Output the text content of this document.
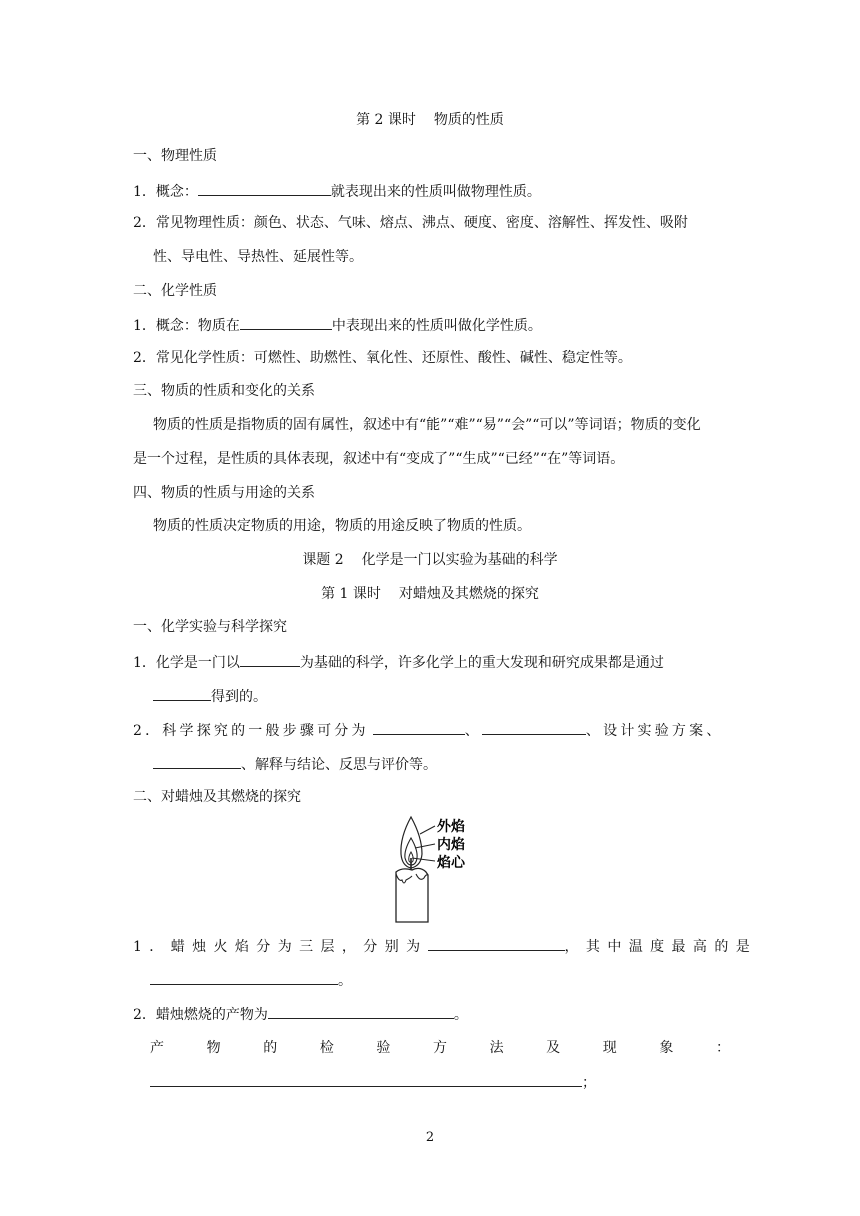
第 2 课时 物质的性质
一、物理性质
1．概念：	就表现出来的性质叫做物理性质。
2．常见物理性质：颜色、状态、气味、熔点、沸点、硬度、密度、溶解性、挥发性、吸附
性、导电性、导热性、延展性等。
二、化学性质
1．概念：物质在	中表现出来的性质叫做化学性质。
2．常见化学性质：可燃性、助燃性、氧化性、还原性、酸性、碱性、稳定性等。
三、物质的性质和变化的关系
物质的性质是指物质的固有属性，叙述中有“能”“难”“易”“会”“可以”等词语；物质的变化
是一个过程，是性质的具体表现，叙述中有“变成了”“生成”“已经”“在”等词语。
四、物质的性质与用途的关系
物质的性质决定物质的用途，物质的用途反映了物质的性质。
课题 2 化学是一门以实验为基础的科学
第 1 课时 对蜡烛及其燃烧的探究
一、化学实验与科学探究
1．化学是一门以	为基础的科学，许多化学上的重大发现和研究成果都是通过
得到的。
2．科学探究的一般步骤可分为	、	、设计实验方案、
、解释与结论、反思与评价等。
二、对蜡烛及其燃烧的探究
外焰
内焰
焰心
1．蜡烛火焰分为三层，分别为	，其中温度最高的是
。
2．蜡烛燃烧的产物为	。
产	物	的	检	验	方	法	及	现	象	：
；
2
